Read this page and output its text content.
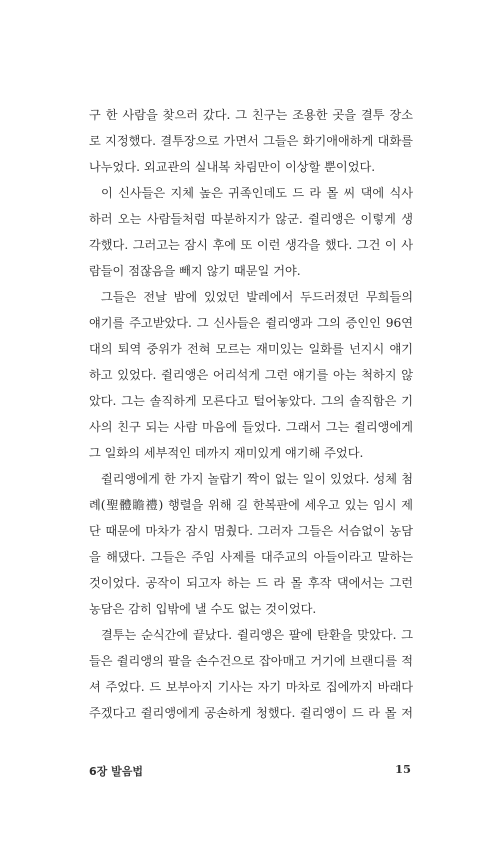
구 한 사람을 찾으러 갔다. 그 친구는 조용한 곳을 결투 장소
로 지정했다. 결투장으로 가면서 그들은 화기애애하게 대화를
나누었다. 외교관의 실내복 차림만이 이상할 뿐이었다.
이 신사들은 지체 높은 귀족인데도 드 라 몰 씨 댁에 식사
하러 오는 사람들처럼 따분하지가 않군. 쥘리앵은 이렇게 생
각했다. 그러고는 잠시 후에 또 이런 생각을 했다. 그건 이 사
람들이 점잖음을 빼지 않기 때문일 거야.
그들은 전날 밤에 있었던 발레에서 두드러졌던 무희들의
얘기를 주고받았다. 그 신사들은 쥘리앵과 그의 증인인 96연
대의 퇴역 중위가 전혀 모르는 재미있는 일화를 넌지시 얘기
하고 있었다. 쥘리앵은 어리석게 그런 얘기를 아는 척하지 않
았다. 그는 솔직하게 모른다고 털어놓았다. 그의 솔직함은 기
사의 친구 되는 사람 마음에 들었다. 그래서 그는 쥘리앵에게
그 일화의 세부적인 데까지 재미있게 얘기해 주었다.
쥘리앵에게 한 가지 놀랍기 짝이 없는 일이 있었다. 성체 첨
례(聖體瞻禮) 행렬을 위해 길 한복판에 세우고 있는 임시 제
단 때문에 마차가 잠시 멈췄다. 그러자 그들은 서슴없이 농담
을 해댔다. 그들은 주임 사제를 대주교의 아들이라고 말하는
것이었다. 공작이 되고자 하는 드 라 몰 후작 댁에서는 그런
농담은 감히 입밖에 낼 수도 없는 것이었다.
결투는 순식간에 끝났다. 쥘리앵은 팔에 탄환을 맞았다. 그
들은 쥘리앵의 팔을 손수건으로 잡아매고 거기에 브랜디를 적
셔 주었다. 드 보부아지 기사는 자기 마차로 집에까지 바래다
주겠다고 쥘리앵에게 공손하게 청했다. 쥘리앵이 드 라 몰 저
6장 발음법	15
